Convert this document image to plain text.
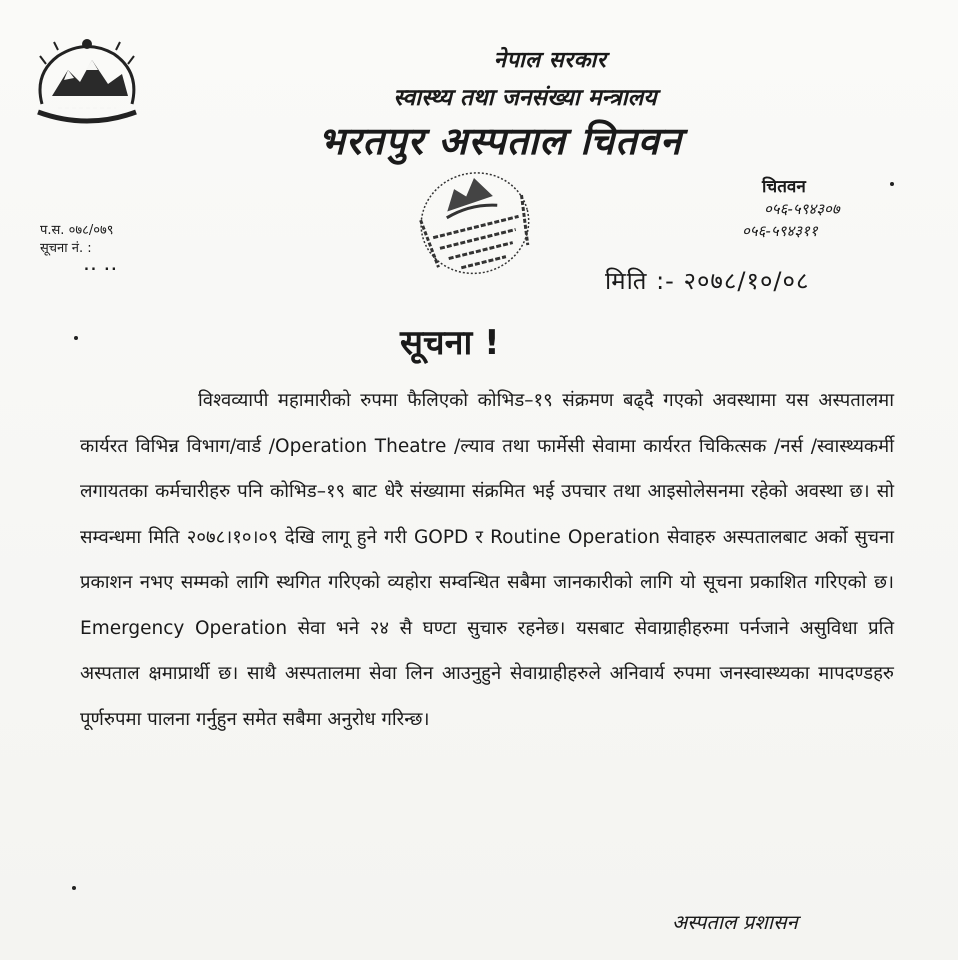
नेपाल सरकार
स्वास्थ्य तथा जनसंख्या मन्त्रालय
भरतपुर अस्पताल चितवन
चितवन
०५६-५९४३०७
०५६-५९४३११
प.स. ०७८/०७९
सूचना नं. :
.. ..
मिति :- २०७८/१०/०८
सूचना !
विश्वव्यापी महामारीको रुपमा फैलिएको कोभिड–१९ संक्रमण बढ्दै गएको अवस्थामा यस अस्पतालमा कार्यरत विभिन्न विभाग/वार्ड /Operation Theatre /ल्याव तथा फार्मेसी सेवामा कार्यरत चिकित्सक /नर्स /स्वास्थ्यकर्मी लगायतका कर्मचारीहरु पनि कोभिड–१९ बाट धेरै संख्यामा संक्रमित भई उपचार तथा आइसोलेसनमा रहेको अवस्था छ। सो सम्वन्धमा मिति २०७८।१०।०९ देखि लागू हुने गरी GOPD र Routine Operation सेवाहरु अस्पतालबाट अर्को सुचना प्रकाशन नभए सम्मको लागि स्थगित गरिएको व्यहोरा सम्वन्धित सबैमा जानकारीको लागि यो सूचना प्रकाशित गरिएको छ। Emergency Operation सेवा भने २४ सै घण्टा सुचारु रहनेछ। यसबाट सेवाग्राहीहरुमा पर्नजाने असुविधा प्रति अस्पताल क्षमाप्रार्थी छ। साथै अस्पतालमा सेवा लिन आउनुहुने सेवाग्राहीहरुले अनिवार्य रुपमा जनस्वास्थ्यका मापदण्डहरु पूर्णरुपमा पालना गर्नुहुन समेत सबैमा अनुरोध गरिन्छ।
अस्पताल प्रशासन
